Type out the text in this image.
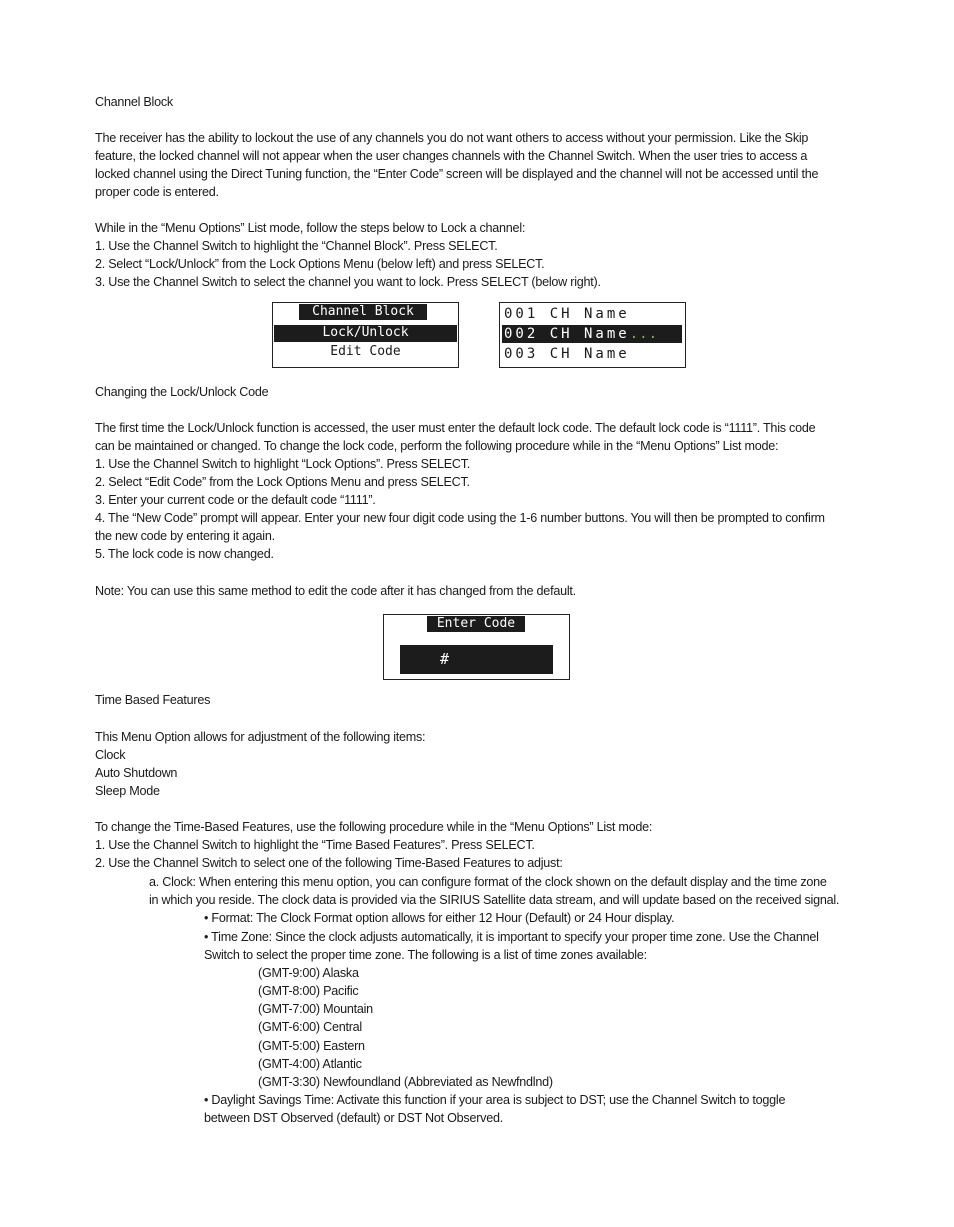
Channel Block
The receiver has the ability to lockout the use of any channels you do not want others to access without your permission. Like the Skip
feature, the locked channel will not appear when the user changes channels with the Channel Switch. When the user tries to access a
locked channel using the Direct Tuning function, the “Enter Code” screen will be displayed and the channel will not be accessed until the
proper code is entered.
While in the “Menu Options” List mode, follow the steps below to Lock a channel:
1. Use the Channel Switch to highlight the “Channel Block”. Press SELECT.
2. Select “Lock/Unlock” from the Lock Options Menu (below left) and press SELECT.
3. Use the Channel Switch to select the channel you want to lock. Press SELECT (below right).
Channel Block
Lock/Unlock
Edit Code
001 CH Name
002 CH Name...
003 CH Name
Changing the Lock/Unlock Code
The first time the Lock/Unlock function is accessed, the user must enter the default lock code. The default lock code is “1111”. This code
can be maintained or changed. To change the lock code, perform the following procedure while in the “Menu Options” List mode:
1. Use the Channel Switch to highlight “Lock Options”. Press SELECT.
2. Select “Edit Code” from the Lock Options Menu and press SELECT.
3. Enter your current code or the default code “1111”.
4. The “New Code” prompt will appear. Enter your new four digit code using the 1-6 number buttons. You will then be prompted to confirm
the new code by entering it again.
5. The lock code is now changed.
Note: You can use this same method to edit the code after it has changed from the default.
Enter Code
#
Time Based Features
This Menu Option allows for adjustment of the following items:
Clock
Auto Shutdown
Sleep Mode
To change the Time-Based Features, use the following procedure while in the “Menu Options” List mode:
1. Use the Channel Switch to highlight the “Time Based Features”. Press SELECT.
2. Use the Channel Switch to select one of the following Time-Based Features to adjust:
a. Clock: When entering this menu option, you can configure format of the clock shown on the default display and the time zone
in which you reside. The clock data is provided via the SIRIUS Satellite data stream, and will update based on the received signal.
• Format: The Clock Format option allows for either 12 Hour (Default) or 24 Hour display.
• Time Zone: Since the clock adjusts automatically, it is important to specify your proper time zone. Use the Channel
Switch to select the proper time zone. The following is a list of time zones available:
(GMT-9:00) Alaska
(GMT-8:00) Pacific
(GMT-7:00) Mountain
(GMT-6:00) Central
(GMT-5:00) Eastern
(GMT-4:00) Atlantic
(GMT-3:30) Newfoundland (Abbreviated as Newfndlnd)
• Daylight Savings Time: Activate this function if your area is subject to DST; use the Channel Switch to toggle
between DST Observed (default) or DST Not Observed.
